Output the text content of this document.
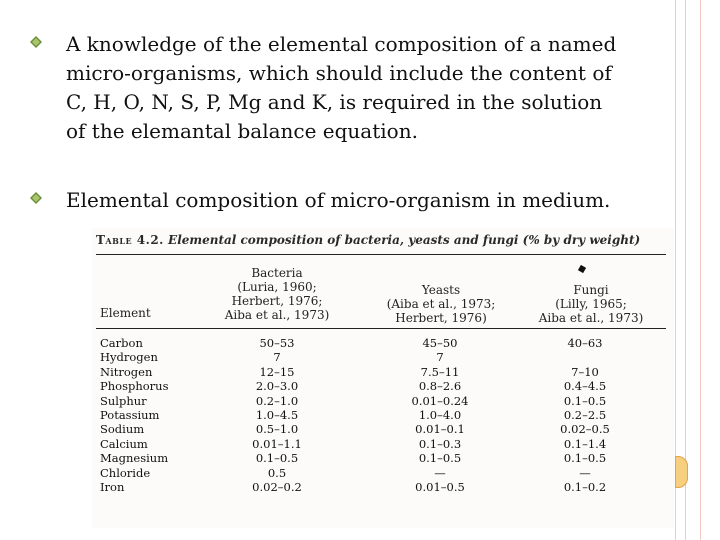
A knowledge of the elemental composition of a named
micro-organisms, which should include the content of
C, H, O, N, S, P, Mg and K, is required in the solution
of the elemantal balance equation.
Elemental composition of micro-organism in medium.
Table 4.2. Elemental composition of bacteria, yeasts and fungi (% by dry weight)
Element
Bacteria
(Luria, 1960;
Herbert, 1976;
Aiba et al., 1973)
Yeasts
(Aiba et al., 1973;
Herbert, 1976)
Fungi
(Lilly, 1965;
Aiba et al., 1973)
Carbon
Hydrogen
Nitrogen
Phosphorus
Sulphur
Potassium
Sodium
Calcium
Magnesium
Chloride
Iron
50–53
7
12–15
2.0–3.0
0.2–1.0
1.0–4.5
0.5–1.0
0.01–1.1
0.1–0.5
0.5
0.02–0.2
45–50
7
7.5–11
0.8–2.6
0.01–0.24
1.0–4.0
0.01–0.1
0.1–0.3
0.1–0.5
—
0.01–0.5
40–63

7–10
0.4–4.5
0.1–0.5
0.2–2.5
0.02–0.5
0.1–1.4
0.1–0.5
—
0.1–0.2
